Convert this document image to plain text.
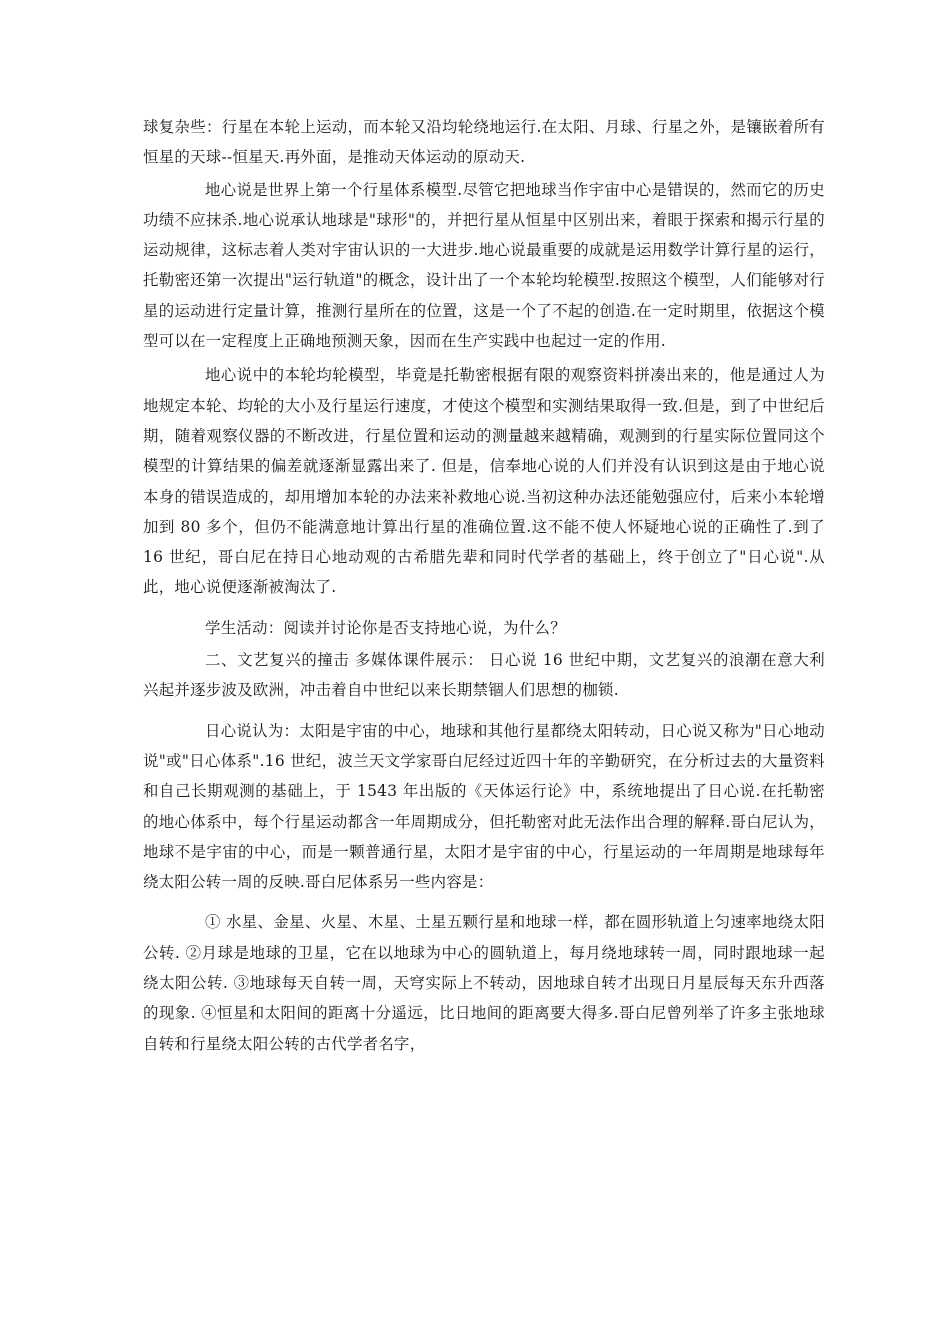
球复杂些：行星在本轮上运动，而本轮又沿均轮绕地运行.在太阳、月球、行星之外，是镶嵌着所有恒星的天球--恒星天.再外面，是推动天体运动的原动天.

地心说是世界上第一个行星体系模型.尽管它把地球当作宇宙中心是错误的，然而它的历史功绩不应抹杀.地心说承认地球是"球形"的，并把行星从恒星中区别出来，着眼于探索和揭示行星的运动规律，这标志着人类对宇宙认识的一大进步.地心说最重要的成就是运用数学计算行星的运行，托勒密还第一次提出"运行轨道"的概念，设计出了一个本轮均轮模型.按照这个模型，人们能够对行星的运动进行定量计算，推测行星所在的位置，这是一个了不起的创造.在一定时期里，依据这个模型可以在一定程度上正确地预测天象，因而在生产实践中也起过一定的作用.

地心说中的本轮均轮模型，毕竟是托勒密根据有限的观察资料拼凑出来的，他是通过人为地规定本轮、均轮的大小及行星运行速度，才使这个模型和实测结果取得一致.但是，到了中世纪后期，随着观察仪器的不断改进，行星位置和运动的测量越来越精确，观测到的行星实际位置同这个模型的计算结果的偏差就逐渐显露出来了. 但是，信奉地心说的人们并没有认识到这是由于地心说本身的错误造成的，却用增加本轮的办法来补救地心说.当初这种办法还能勉强应付，后来小本轮增加到 80 多个，但仍不能满意地计算出行星的准确位置.这不能不使人怀疑地心说的正确性了.到了 16 世纪，哥白尼在持日心地动观的古希腊先辈和同时代学者的基础上，终于创立了"日心说".从此，地心说便逐渐被淘汰了.

学生活动：阅读并讨论你是否支持地心说，为什么？

二、文艺复兴的撞击 多媒体课件展示： 日心说 16 世纪中期，文艺复兴的浪潮在意大利兴起并逐步波及欧洲，冲击着自中世纪以来长期禁锢人们思想的枷锁.

日心说认为：太阳是宇宙的中心，地球和其他行星都绕太阳转动，日心说又称为"日心地动说"或"日心体系".16 世纪，波兰天文学家哥白尼经过近四十年的辛勤研究，在分析过去的大量资料和自己长期观测的基础上，于 1543 年出版的《天体运行论》中，系统地提出了日心说.在托勒密的地心体系中，每个行星运动都含一年周期成分，但托勒密对此无法作出合理的解释.哥白尼认为，地球不是宇宙的中心，而是一颗普通行星，太阳才是宇宙的中心，行星运动的一年周期是地球每年绕太阳公转一周的反映.哥白尼体系另一些内容是：

① 水星、金星、火星、木星、土星五颗行星和地球一样，都在圆形轨道上匀速率地绕太阳公转. ②月球是地球的卫星，它在以地球为中心的圆轨道上，每月绕地球转一周，同时跟地球一起绕太阳公转. ③地球每天自转一周，天穹实际上不转动，因地球自转才出现日月星辰每天东升西落的现象. ④恒星和太阳间的距离十分遥远，比日地间的距离要大得多.哥白尼曾列举了许多主张地球自转和行星绕太阳公转的古代学者名字，
